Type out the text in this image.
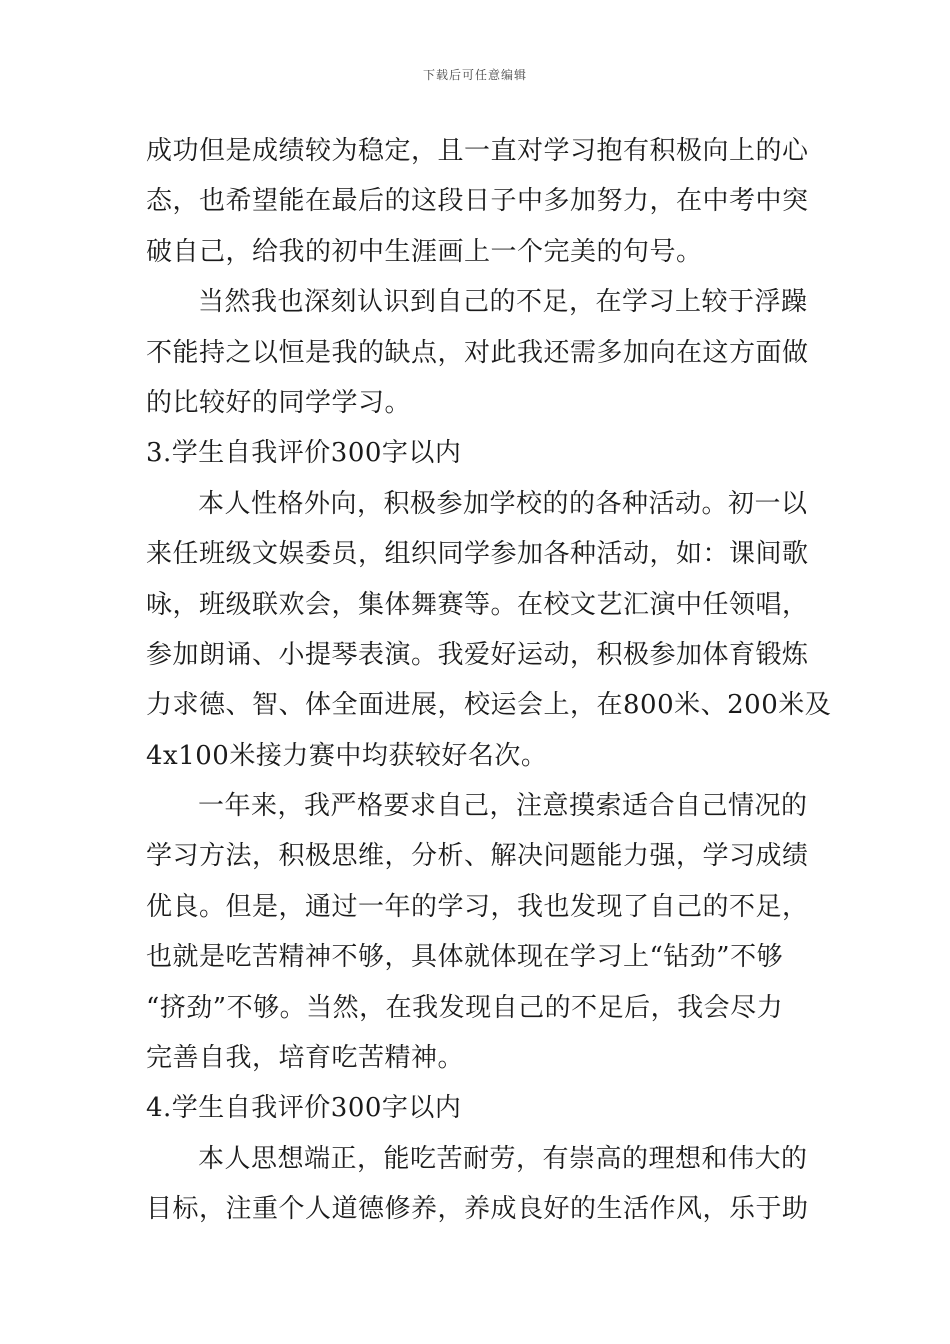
下载后可任意编辑
成功但是成绩较为稳定，且一直对学习抱有积极向上的心
态，也希望能在最后的这段日子中多加努力，在中考中突
破自己，给我的初中生涯画上一个完美的句号。
当然我也深刻认识到自己的不足，在学习上较于浮躁
不能持之以恒是我的缺点，对此我还需多加向在这方面做
的比较好的同学学习。
3.学生自我评价300字以内
本人性格外向，积极参加学校的的各种活动。初一以
来任班级文娱委员，组织同学参加各种活动，如：课间歌
咏，班级联欢会，集体舞赛等。在校文艺汇演中任领唱，
参加朗诵、小提琴表演。我爱好运动，积极参加体育锻炼
力求德、智、体全面进展，校运会上，在800米、200米及
4x100米接力赛中均获较好名次。
一年来，我严格要求自己，注意摸索适合自己情况的
学习方法，积极思维，分析、解决问题能力强，学习成绩
优良。但是，通过一年的学习，我也发现了自己的不足，
也就是吃苦精神不够，具体就体现在学习上“钻劲”不够
“挤劲”不够。当然，在我发现自己的不足后，我会尽力
完善自我，培育吃苦精神。
4.学生自我评价300字以内
本人思想端正，能吃苦耐劳，有崇高的理想和伟大的
目标，注重个人道德修养，养成良好的生活作风，乐于助
